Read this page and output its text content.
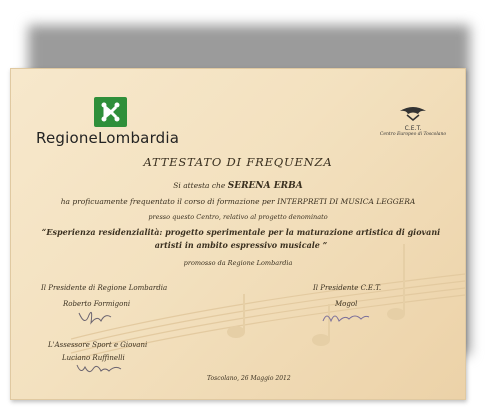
RegioneLombardia
C.E.T.
Centro Europeo di Toscolano
ATTESTATO DI FREQUENZA
Si attesta che SERENA ERBA
ha proficuamente frequentato il corso di formazione per INTERPRETI DI MUSICA LEGGERA
presso questo Centro, relativo al progetto denominato
“Esperienza residenzialità: progetto sperimentale per la maturazione artistica di giovani artisti in ambito espressivo musicale ”
promosso da Regione Lombardia
Il Presidente di Regione Lombardia
Roberto Formigoni
Il Presidente C.E.T.
Mogol
L'Assessore Sport e Giovani
Luciano Ruffinelli
Toscolano, 26 Maggio 2012
